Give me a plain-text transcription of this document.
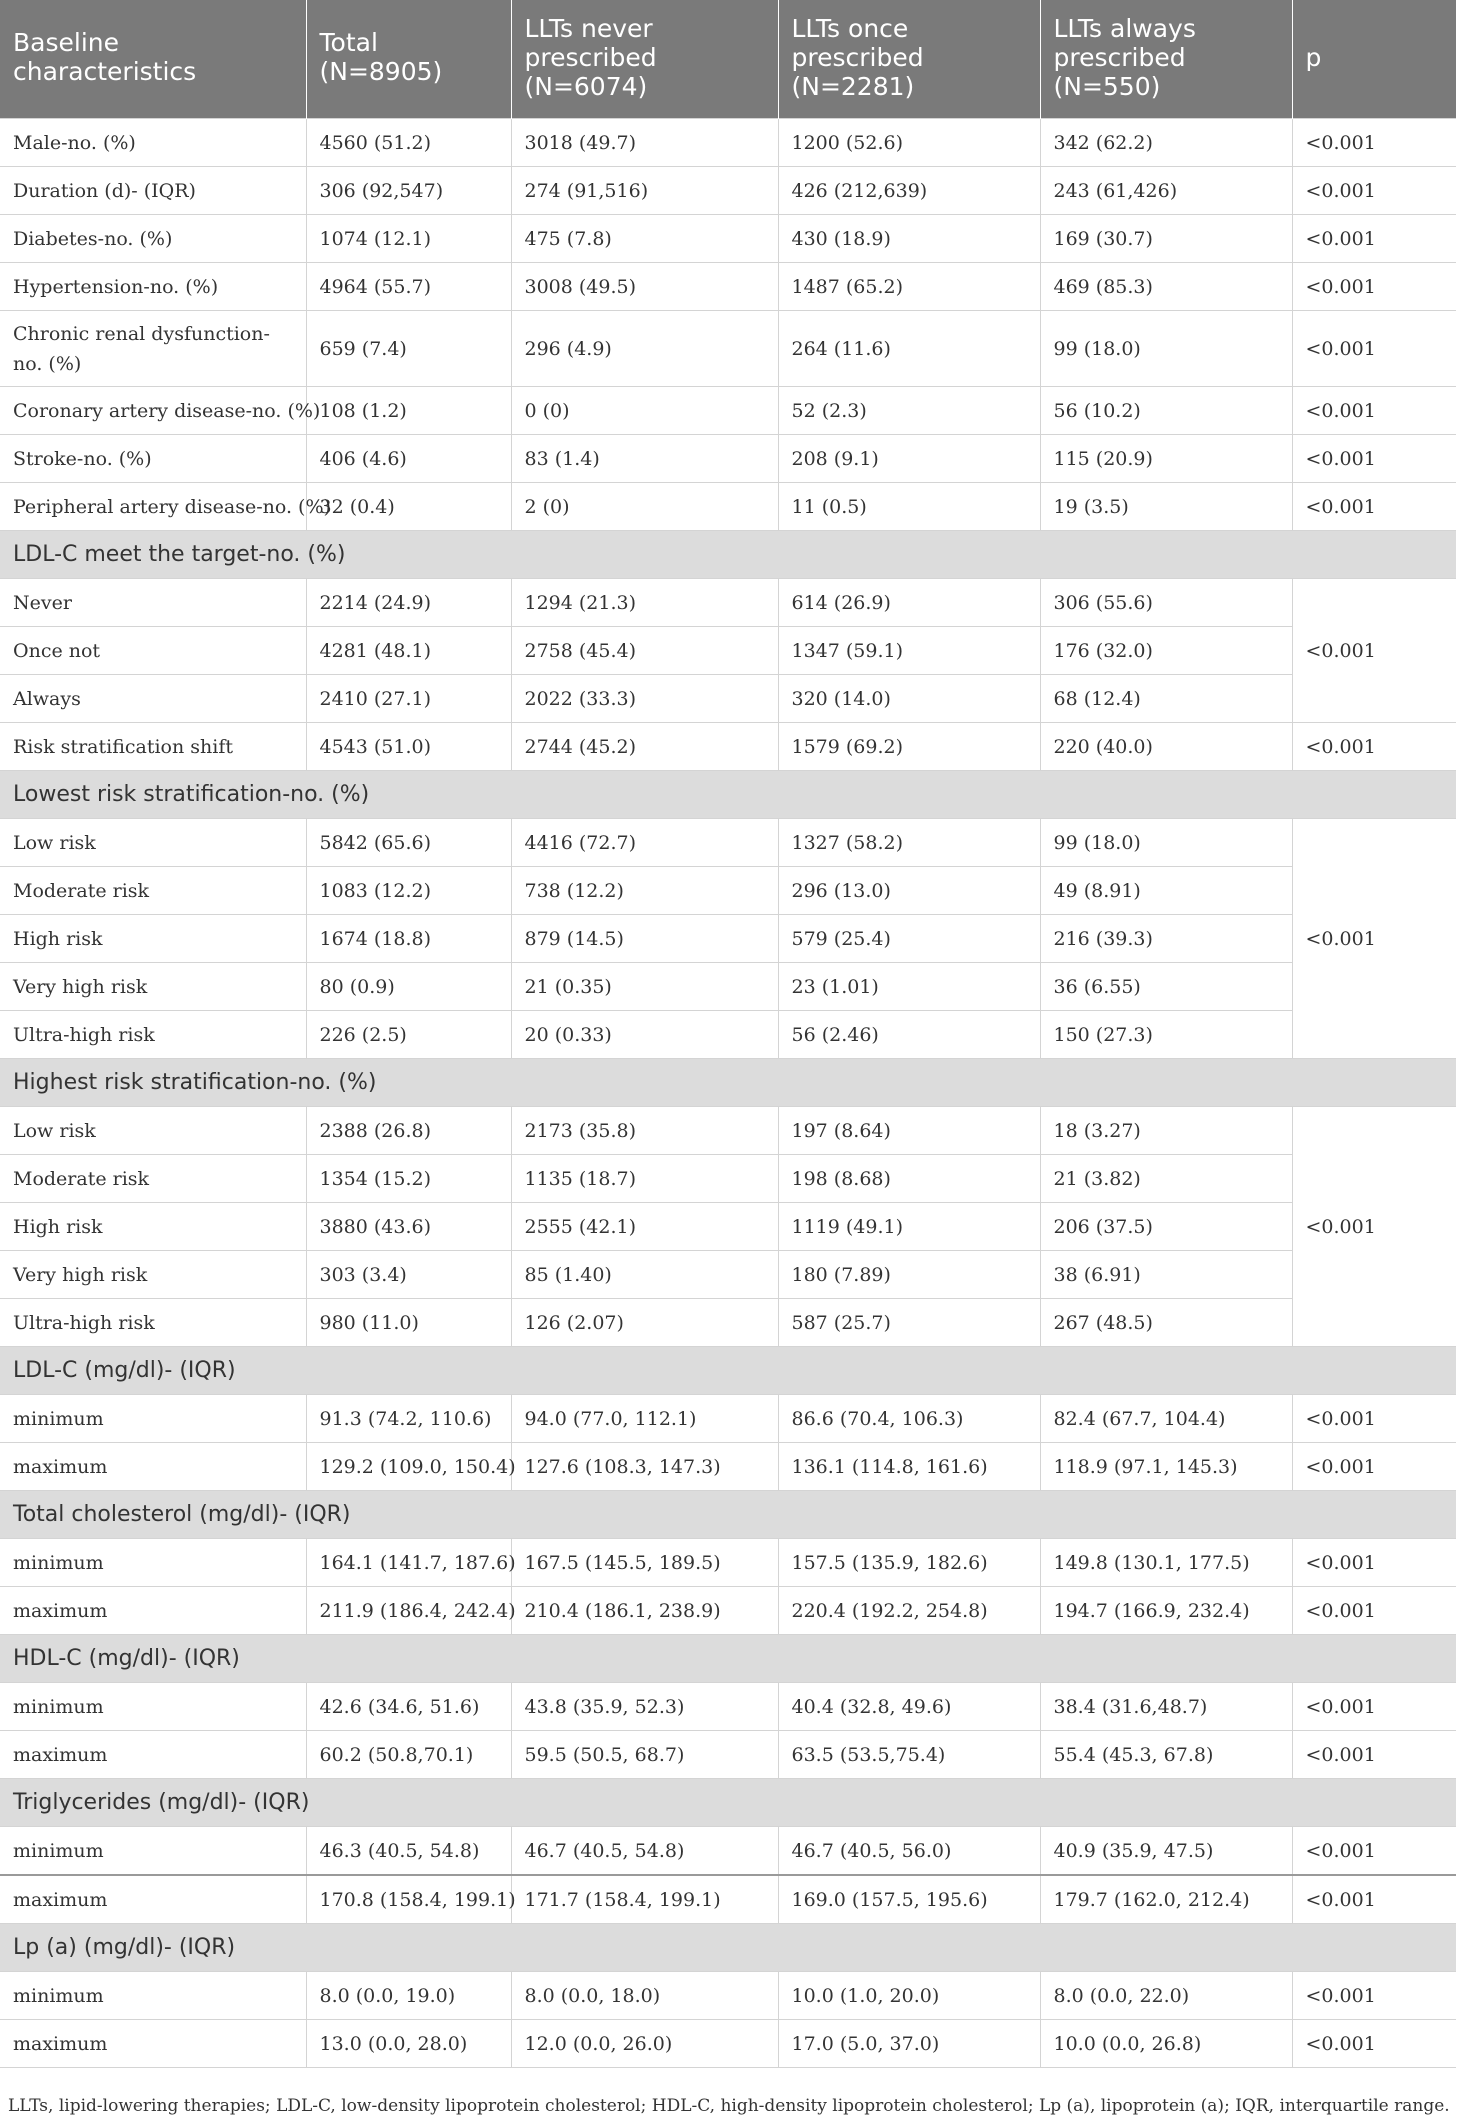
Baseline characteristics	Total (N=8905)	LLTs never prescribed (N=6074)	LLTs once prescribed (N=2281)	LLTs always prescribed (N=550)	p
Male-no. (%)	4560 (51.2)	3018 (49.7)	1200 (52.6)	342 (62.2)	<0.001
Duration (d)- (IQR)	306 (92,547)	274 (91,516)	426 (212,639)	243 (61,426)	<0.001
Diabetes-no. (%)	1074 (12.1)	475 (7.8)	430 (18.9)	169 (30.7)	<0.001
Hypertension-no. (%)	4964 (55.7)	3008 (49.5)	1487 (65.2)	469 (85.3)	<0.001
Chronic renal dysfunction-no. (%)	659 (7.4)	296 (4.9)	264 (11.6)	99 (18.0)	<0.001
Coronary artery disease-no. (%)	108 (1.2)	0 (0)	52 (2.3)	56 (10.2)	<0.001
Stroke-no. (%)	406 (4.6)	83 (1.4)	208 (9.1)	115 (20.9)	<0.001
Peripheral artery disease-no. (%)	32 (0.4)	2 (0)	11 (0.5)	19 (3.5)	<0.001
LDL-C meet the target-no. (%)					
Never	2214 (24.9)	1294 (21.3)	614 (26.9)	306 (55.6)	<0.001
Once not	4281 (48.1)	2758 (45.4)	1347 (59.1)	176 (32.0)	
Always	2410 (27.1)	2022 (33.3)	320 (14.0)	68 (12.4)	
Risk stratification shift	4543 (51.0)	2744 (45.2)	1579 (69.2)	220 (40.0)	<0.001
Lowest risk stratification-no. (%)					
Low risk	5842 (65.6)	4416 (72.7)	1327 (58.2)	99 (18.0)	<0.001
Moderate risk	1083 (12.2)	738 (12.2)	296 (13.0)	49 (8.91)	
High risk	1674 (18.8)	879 (14.5)	579 (25.4)	216 (39.3)	
Very high risk	80 (0.9)	21 (0.35)	23 (1.01)	36 (6.55)	
Ultra-high risk	226 (2.5)	20 (0.33)	56 (2.46)	150 (27.3)	
Highest risk stratification-no. (%)					
Low risk	2388 (26.8)	2173 (35.8)	197 (8.64)	18 (3.27)	<0.001
Moderate risk	1354 (15.2)	1135 (18.7)	198 (8.68)	21 (3.82)	
High risk	3880 (43.6)	2555 (42.1)	1119 (49.1)	206 (37.5)	
Very high risk	303 (3.4)	85 (1.40)	180 (7.89)	38 (6.91)	
Ultra-high risk	980 (11.0)	126 (2.07)	587 (25.7)	267 (48.5)	
LDL-C (mg/dl)- (IQR)					
minimum	91.3 (74.2, 110.6)	94.0 (77.0, 112.1)	86.6 (70.4, 106.3)	82.4 (67.7, 104.4)	<0.001
maximum	129.2 (109.0, 150.4)	127.6 (108.3, 147.3)	136.1 (114.8, 161.6)	118.9 (97.1, 145.3)	<0.001
Total cholesterol (mg/dl)- (IQR)					
minimum	164.1 (141.7, 187.6)	167.5 (145.5, 189.5)	157.5 (135.9, 182.6)	149.8 (130.1, 177.5)	<0.001
maximum	211.9 (186.4, 242.4)	210.4 (186.1, 238.9)	220.4 (192.2, 254.8)	194.7 (166.9, 232.4)	<0.001
HDL-C (mg/dl)- (IQR)					
minimum	42.6 (34.6, 51.6)	43.8 (35.9, 52.3)	40.4 (32.8, 49.6)	38.4 (31.6,48.7)	<0.001
maximum	60.2 (50.8,70.1)	59.5 (50.5, 68.7)	63.5 (53.5,75.4)	55.4 (45.3, 67.8)	<0.001
Triglycerides (mg/dl)- (IQR)					
minimum	46.3 (40.5, 54.8)	46.7 (40.5, 54.8)	46.7 (40.5, 56.0)	40.9 (35.9, 47.5)	<0.001
maximum	170.8 (158.4, 199.1)	171.7 (158.4, 199.1)	169.0 (157.5, 195.6)	179.7 (162.0, 212.4)	<0.001
Lp (a) (mg/dl)- (IQR)					
minimum	8.0 (0.0, 19.0)	8.0 (0.0, 18.0)	10.0 (1.0, 20.0)	8.0 (0.0, 22.0)	<0.001
maximum	13.0 (0.0, 28.0)	12.0 (0.0, 26.0)	17.0 (5.0, 37.0)	10.0 (0.0, 26.8)	<0.001
LLTs, lipid-lowering therapies; LDL-C, low-density lipoprotein cholesterol; HDL-C, high-density lipoprotein cholesterol; Lp (a), lipoprotein (a); IQR, interquartile range.
